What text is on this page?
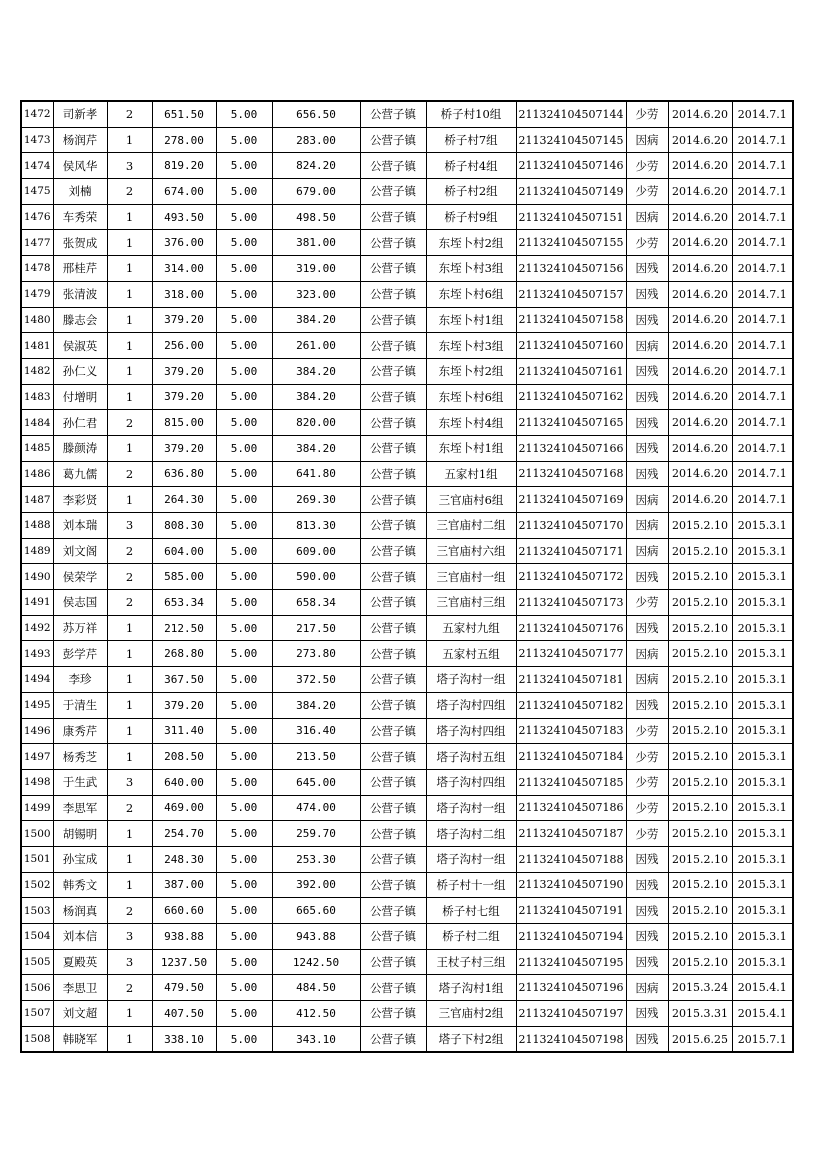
1472	司新孝	2	651.50	5.00	656.50	公营子镇	桥子村10组	211324104507144	少劳	2014.6.20	2014.7.1
1473	杨润芹	1	278.00	5.00	283.00	公营子镇	桥子村7组	211324104507145	因病	2014.6.20	2014.7.1
1474	侯风华	3	819.20	5.00	824.20	公营子镇	桥子村4组	211324104507146	少劳	2014.6.20	2014.7.1
1475	刘楠	2	674.00	5.00	679.00	公营子镇	桥子村2组	211324104507149	少劳	2014.6.20	2014.7.1
1476	车秀荣	1	493.50	5.00	498.50	公营子镇	桥子村9组	211324104507151	因病	2014.6.20	2014.7.1
1477	张贺成	1	376.00	5.00	381.00	公营子镇	东垤卜村2组	211324104507155	少劳	2014.6.20	2014.7.1
1478	邢桂芹	1	314.00	5.00	319.00	公营子镇	东垤卜村3组	211324104507156	因残	2014.6.20	2014.7.1
1479	张清波	1	318.00	5.00	323.00	公营子镇	东垤卜村6组	211324104507157	因残	2014.6.20	2014.7.1
1480	滕志会	1	379.20	5.00	384.20	公营子镇	东垤卜村1组	211324104507158	因残	2014.6.20	2014.7.1
1481	侯淑英	1	256.00	5.00	261.00	公营子镇	东垤卜村3组	211324104507160	因病	2014.6.20	2014.7.1
1482	孙仁义	1	379.20	5.00	384.20	公营子镇	东垤卜村2组	211324104507161	因残	2014.6.20	2014.7.1
1483	付增明	1	379.20	5.00	384.20	公营子镇	东垤卜村6组	211324104507162	因残	2014.6.20	2014.7.1
1484	孙仁君	2	815.00	5.00	820.00	公营子镇	东垤卜村4组	211324104507165	因残	2014.6.20	2014.7.1
1485	滕颜涛	1	379.20	5.00	384.20	公营子镇	东垤卜村1组	211324104507166	因残	2014.6.20	2014.7.1
1486	葛九儒	2	636.80	5.00	641.80	公营子镇	五家村1组	211324104507168	因残	2014.6.20	2014.7.1
1487	李彩贤	1	264.30	5.00	269.30	公营子镇	三官庙村6组	211324104507169	因病	2014.6.20	2014.7.1
1488	刘本瑞	3	808.30	5.00	813.30	公营子镇	三官庙村二组	211324104507170	因病	2015.2.10	2015.3.1
1489	刘文阁	2	604.00	5.00	609.00	公营子镇	三官庙村六组	211324104507171	因病	2015.2.10	2015.3.1
1490	侯荣学	2	585.00	5.00	590.00	公营子镇	三官庙村一组	211324104507172	因残	2015.2.10	2015.3.1
1491	侯志国	2	653.34	5.00	658.34	公营子镇	三官庙村三组	211324104507173	少劳	2015.2.10	2015.3.1
1492	苏万祥	1	212.50	5.00	217.50	公营子镇	五家村九组	211324104507176	因残	2015.2.10	2015.3.1
1493	彭学芹	1	268.80	5.00	273.80	公营子镇	五家村五组	211324104507177	因病	2015.2.10	2015.3.1
1494	李珍	1	367.50	5.00	372.50	公营子镇	塔子沟村一组	211324104507181	因病	2015.2.10	2015.3.1
1495	于清生	1	379.20	5.00	384.20	公营子镇	塔子沟村四组	211324104507182	因残	2015.2.10	2015.3.1
1496	康秀芹	1	311.40	5.00	316.40	公营子镇	塔子沟村四组	211324104507183	少劳	2015.2.10	2015.3.1
1497	杨秀芝	1	208.50	5.00	213.50	公营子镇	塔子沟村五组	211324104507184	少劳	2015.2.10	2015.3.1
1498	于生武	3	640.00	5.00	645.00	公营子镇	塔子沟村四组	211324104507185	少劳	2015.2.10	2015.3.1
1499	李思军	2	469.00	5.00	474.00	公营子镇	塔子沟村一组	211324104507186	少劳	2015.2.10	2015.3.1
1500	胡锡明	1	254.70	5.00	259.70	公营子镇	塔子沟村二组	211324104507187	少劳	2015.2.10	2015.3.1
1501	孙宝成	1	248.30	5.00	253.30	公营子镇	塔子沟村一组	211324104507188	因残	2015.2.10	2015.3.1
1502	韩秀文	1	387.00	5.00	392.00	公营子镇	桥子村十一组	211324104507190	因残	2015.2.10	2015.3.1
1503	杨润真	2	660.60	5.00	665.60	公营子镇	桥子村七组	211324104507191	因残	2015.2.10	2015.3.1
1504	刘本信	3	938.88	5.00	943.88	公营子镇	桥子村二组	211324104507194	因残	2015.2.10	2015.3.1
1505	夏殿英	3	1237.50	5.00	1242.50	公营子镇	王杖子村三组	211324104507195	因残	2015.2.10	2015.3.1
1506	李思卫	2	479.50	5.00	484.50	公营子镇	塔子沟村1组	211324104507196	因病	2015.3.24	2015.4.1
1507	刘文超	1	407.50	5.00	412.50	公营子镇	三官庙村2组	211324104507197	因残	2015.3.31	2015.4.1
1508	韩晓军	1	338.10	5.00	343.10	公营子镇	塔子下村2组	211324104507198	因残	2015.6.25	2015.7.1
